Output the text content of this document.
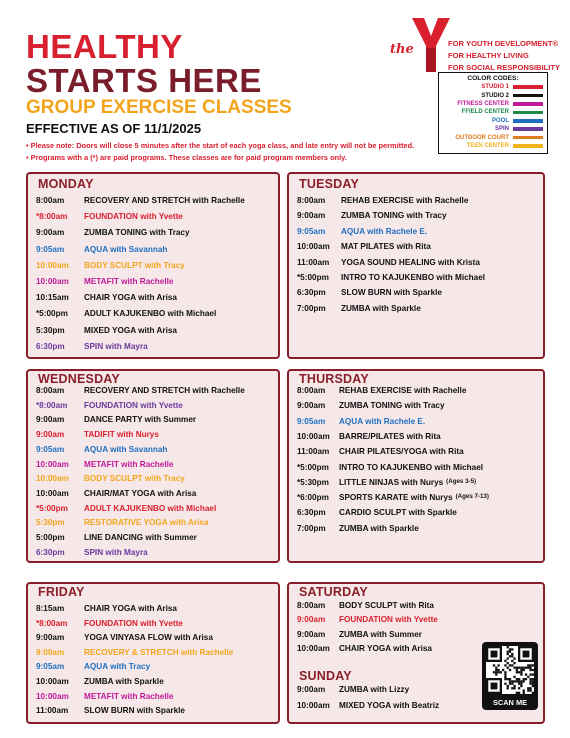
HEALTHY
STARTS HERE
GROUP EXERCISE CLASSES
EFFECTIVE AS OF 11/1/2025
• Please note: Doors will close 5 minutes after the start of each yoga class, and late entry will not be permitted.
• Programs with a (*) are paid programs. These classes are for paid program members only.
the	FOR YOUTH DEVELOPMENT®
FOR HEALTHY LIVING
FOR SOCIAL RESPONSIBILITY
COLOR CODES:
STUDIO 1
STUDIO 2
FITNESS CENTER
FFIELD CENTER
POOL
SPIN
OUTDOOR COURT
TEEN CENTER
MONDAY
8:00am	RECOVERY AND STRETCH with Rachelle
*8:00am	FOUNDATION with Yvette
9:00am	ZUMBA TONING with Tracy
9:05am	AQUA with Savannah
10:00am	BODY SCULPT with Tracy
10:00am	METAFIT with Rachelle
10:15am	CHAIR YOGA with Arisa
*5:00pm	ADULT KAJUKENBO with Michael
5:30pm	MIXED YOGA with Arisa
6:30pm	SPIN with Mayra
TUESDAY
8:00am	REHAB EXERCISE with Rachelle
9:00am	ZUMBA TONING with Tracy
9:05am	AQUA with Rachele E.
10:00am	MAT PILATES with Rita
11:00am	YOGA SOUND HEALING with Krista
*5:00pm	INTRO TO KAJUKENBO with Michael
6:30pm	SLOW BURN with Sparkle
7:00pm	ZUMBA with Sparkle
WEDNESDAY
8:00am	RECOVERY AND STRETCH with Rachelle
*8:00am	FOUNDATION with Yvette
9:00am	DANCE PARTY with Summer
9:00am	TADIFIT with Nurys
9:05am	AQUA with Savannah
10:00am	METAFIT with Rachelle
10:00am	BODY SCULPT with Tracy
10:00am	CHAIR/MAT YOGA with Arisa
*5:00pm	ADULT KAJUKENBO with Michael
5:30pm	RESTORATIVE YOGA with Arisa
5:00pm	LINE DANCING with Summer
6:30pm	SPIN with Mayra
THURSDAY
8:00am	REHAB EXERCISE with Rachelle
9:00am	ZUMBA TONING with Tracy
9:05am	AQUA with Rachele E.
10:00am	BARRE/PILATES with Rita
11:00am	CHAIR PILATES/YOGA with Rita
*5:00pm	INTRO TO KAJUKENBO with Michael
*5:30pm	LITTLE NINJAS with Nurys (Ages 3-5)
*6:00pm	SPORTS KARATE with Nurys (Ages 7-13)
6:30pm	CARDIO SCULPT with Sparkle
7:00pm	ZUMBA with Sparkle
FRIDAY
8:15am	CHAIR YOGA with Arisa
*8:00am	FOUNDATION with Yvette
9:00am	YOGA VINYASA FLOW with Arisa
9:00am	RECOVERY & STRETCH with Rachelle
9:05am	AQUA with Tracy
10:00am	ZUMBA with Sparkle
10:00am	METAFIT with Rachelle
11:00am	SLOW BURN with Sparkle
SATURDAY
SUNDAY
8:00am	BODY SCULPT with Rita
9:00am	FOUNDATION with Yvette
9:00am	ZUMBA with Summer
10:00am	CHAIR YOGA with Arisa
9:00am	ZUMBA with Lizzy
10:00am	MIXED YOGA with Beatriz	SCAN ME
